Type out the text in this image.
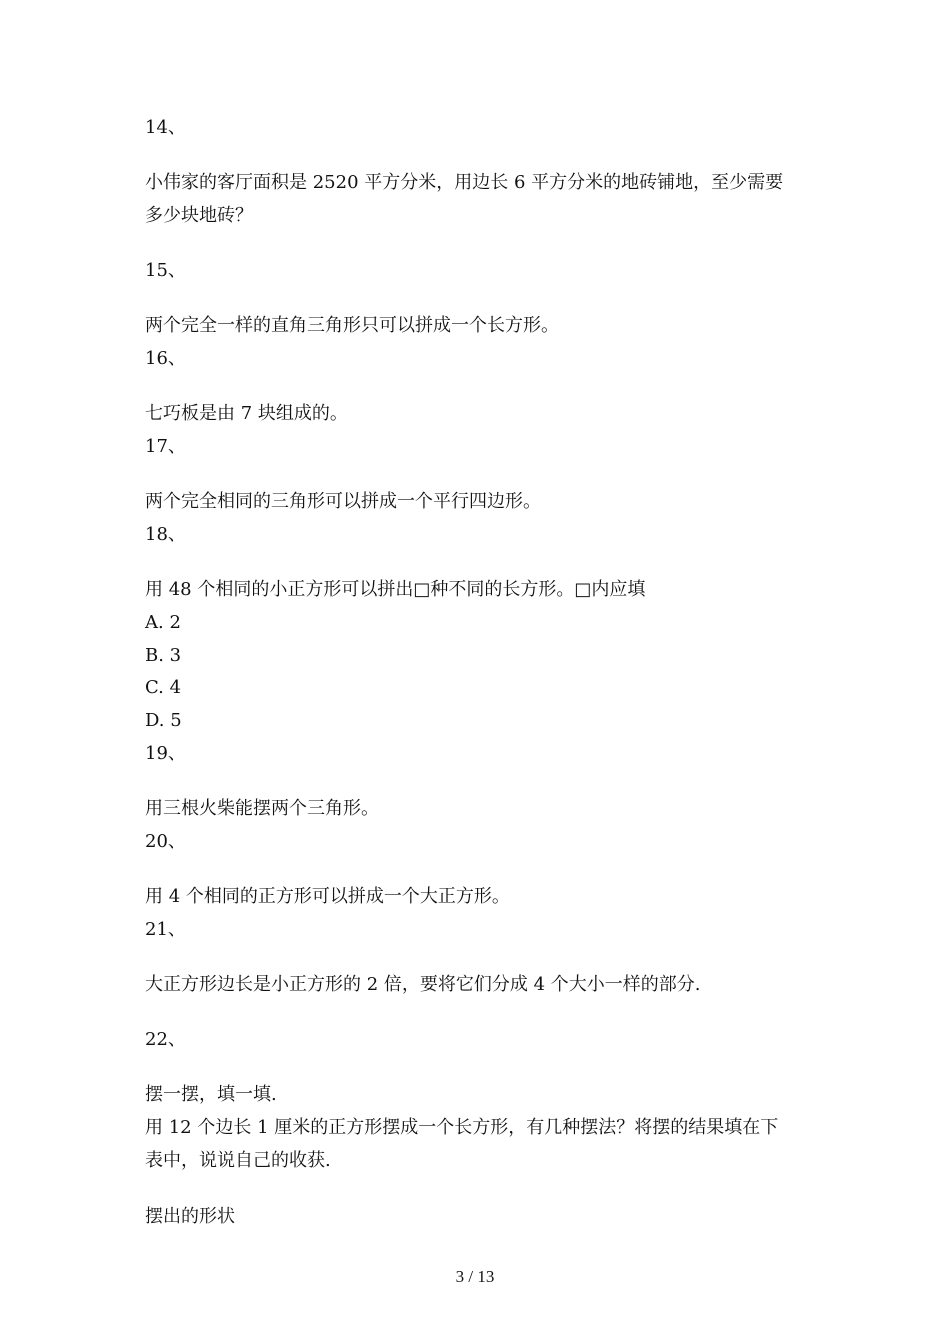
14、
小伟家的客厅面积是 2520 平方分米，用边长 6 平方分米的地砖铺地，至少需要
多少块地砖？
15、
两个完全一样的直角三角形只可以拼成一个长方形。
16、
七巧板是由 7 块组成的。
17、
两个完全相同的三角形可以拼成一个平行四边形。
18、
用 48 个相同的小正方形可以拼出□种不同的长方形。□内应填
A. 2
B. 3
C. 4
D. 5
19、
用三根火柴能摆两个三角形。
20、
用 4 个相同的正方形可以拼成一个大正方形。
21、
大正方形边长是小正方形的 2 倍，要将它们分成 4 个大小一样的部分.
22、
摆一摆，填一填.
用 12 个边长 1 厘米的正方形摆成一个长方形，有几种摆法？将摆的结果填在下
表中，说说自己的收获.
摆出的形状
3 / 13
